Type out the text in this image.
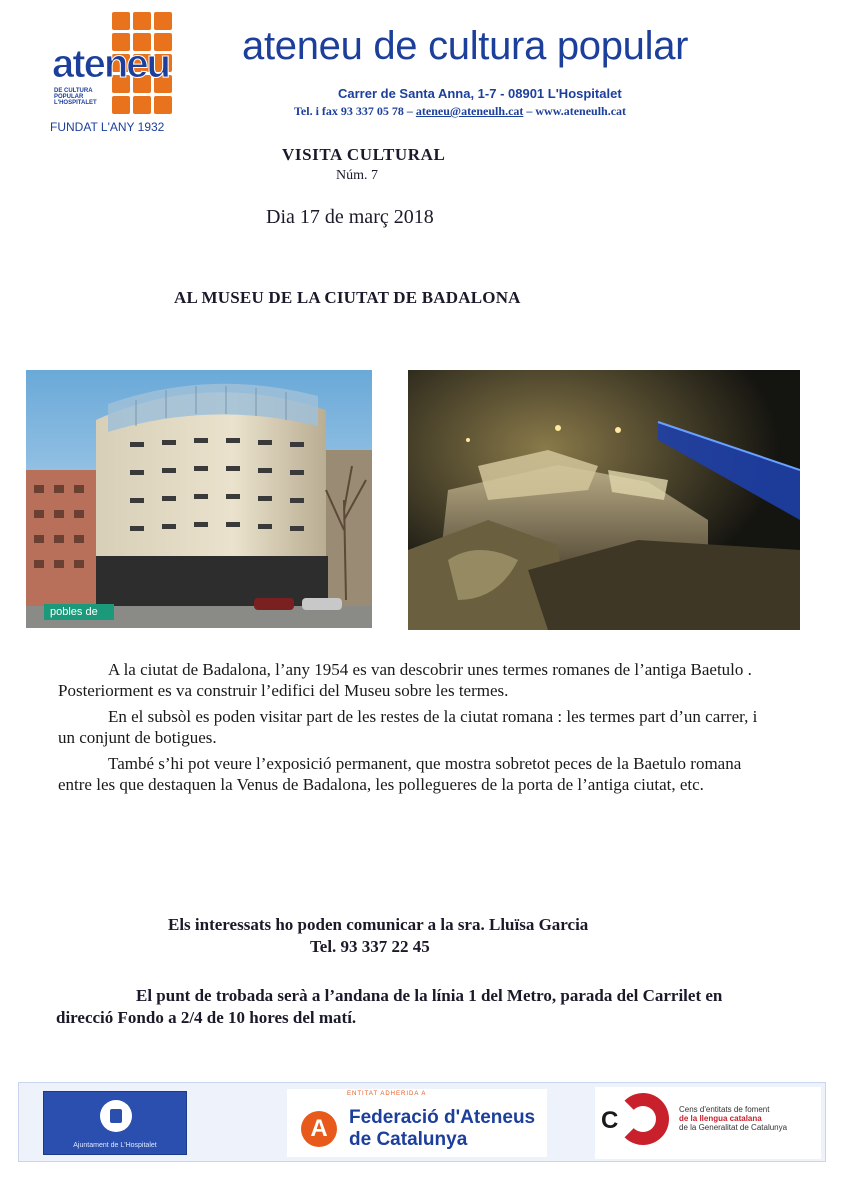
ateneu
DE CULTURA
POPULAR
L'HOSPITALET
FUNDAT L'ANY 1932
ateneu de cultura popular
Carrer de Santa Anna, 1-7 - 08901 L'Hospitalet
Tel. i fax 93 337 05 78 – ateneu@ateneulh.cat – www.ateneulh.cat
VISITA CULTURAL
Núm. 7
Dia 17 de març 2018
AL MUSEU DE LA CIUTAT DE BADALONA
pobles de

A la ciutat de Badalona, l’any 1954 es van descobrir unes termes romanes de l’antiga Baetulo . Posteriorment es va construir l’edifici del Museu sobre les termes.

En el subsòl es poden visitar part de les restes de la ciutat romana : les termes part d’un carrer, i un conjunt de botigues.

També s’hi pot veure l’exposició permanent, que mostra sobretot peces de la Baetulo romana entre les que destaquen la Venus de Badalona, les pollegueres de la porta de l’antiga ciutat, etc.

Els interessats ho poden comunicar a la sra. Lluïsa Garcia
Tel. 93 337 22 45

El punt de trobada serà a l’andana de la línia 1 del Metro, parada del Carrilet en direcció Fondo a 2/4 de 10 hores del matí.

Ajuntament de L'Hospitalet
ENTITAT ADHERIDA A
A	Federació d'Ateneus
de Catalunya
C	Cens d'entitats de foment
de la llengua catalana
de la Generalitat de Catalunya
